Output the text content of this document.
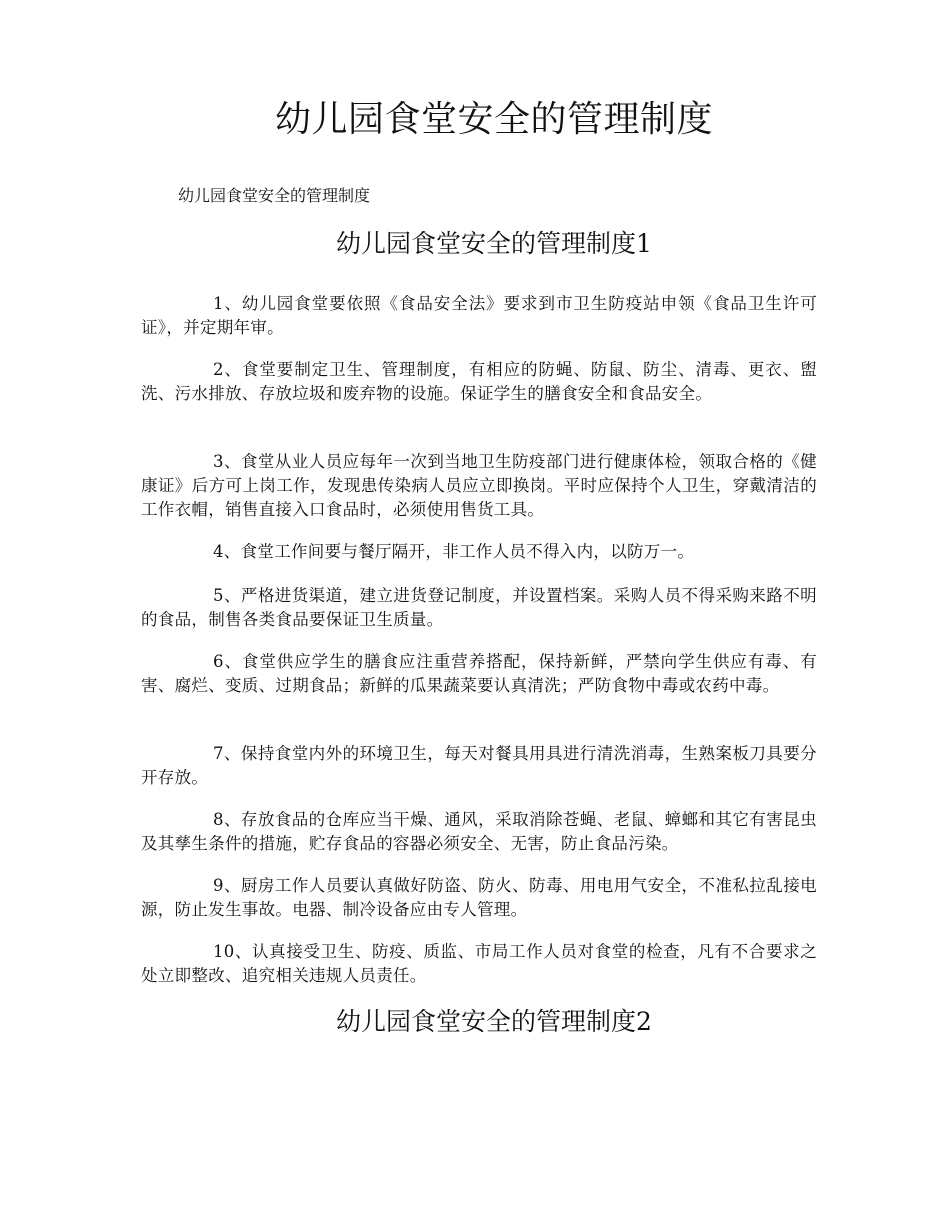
幼儿园食堂安全的管理制度

幼儿园食堂安全的管理制度

幼儿园食堂安全的管理制度1

1、幼儿园食堂要依照《食品安全法》要求到市卫生防疫站申领《食品卫生许可证》，并定期年审。

2、食堂要制定卫生、管理制度，有相应的防蝇、防鼠、防尘、清毒、更衣、盥洗、污水排放、存放垃圾和废弃物的设施。保证学生的膳食安全和食品安全。

3、食堂从业人员应每年一次到当地卫生防疫部门进行健康体检，领取合格的《健康证》后方可上岗工作，发现患传染病人员应立即换岗。平时应保持个人卫生，穿戴清洁的工作衣帽，销售直接入口食品时，必须使用售货工具。

4、食堂工作间要与餐厅隔开，非工作人员不得入内，以防万一。

5、严格进货渠道，建立进货登记制度，并设置档案。采购人员不得采购来路不明的食品，制售各类食品要保证卫生质量。

6、食堂供应学生的膳食应注重营养搭配，保持新鲜，严禁向学生供应有毒、有害、腐烂、变质、过期食品；新鲜的瓜果蔬菜要认真清洗；严防食物中毒或农药中毒。

7、保持食堂内外的环境卫生，每天对餐具用具进行清洗消毒，生熟案板刀具要分开存放。

8、存放食品的仓库应当干燥、通风，采取消除苍蝇、老鼠、蟑螂和其它有害昆虫及其孳生条件的措施，贮存食品的容器必须安全、无害，防止食品污染。

9、厨房工作人员要认真做好防盗、防火、防毒、用电用气安全，不准私拉乱接电源，防止发生事故。电器、制冷设备应由专人管理。

10、认真接受卫生、防疫、质监、市局工作人员对食堂的检查，凡有不合要求之处立即整改、追究相关违规人员责任。

幼儿园食堂安全的管理制度2
